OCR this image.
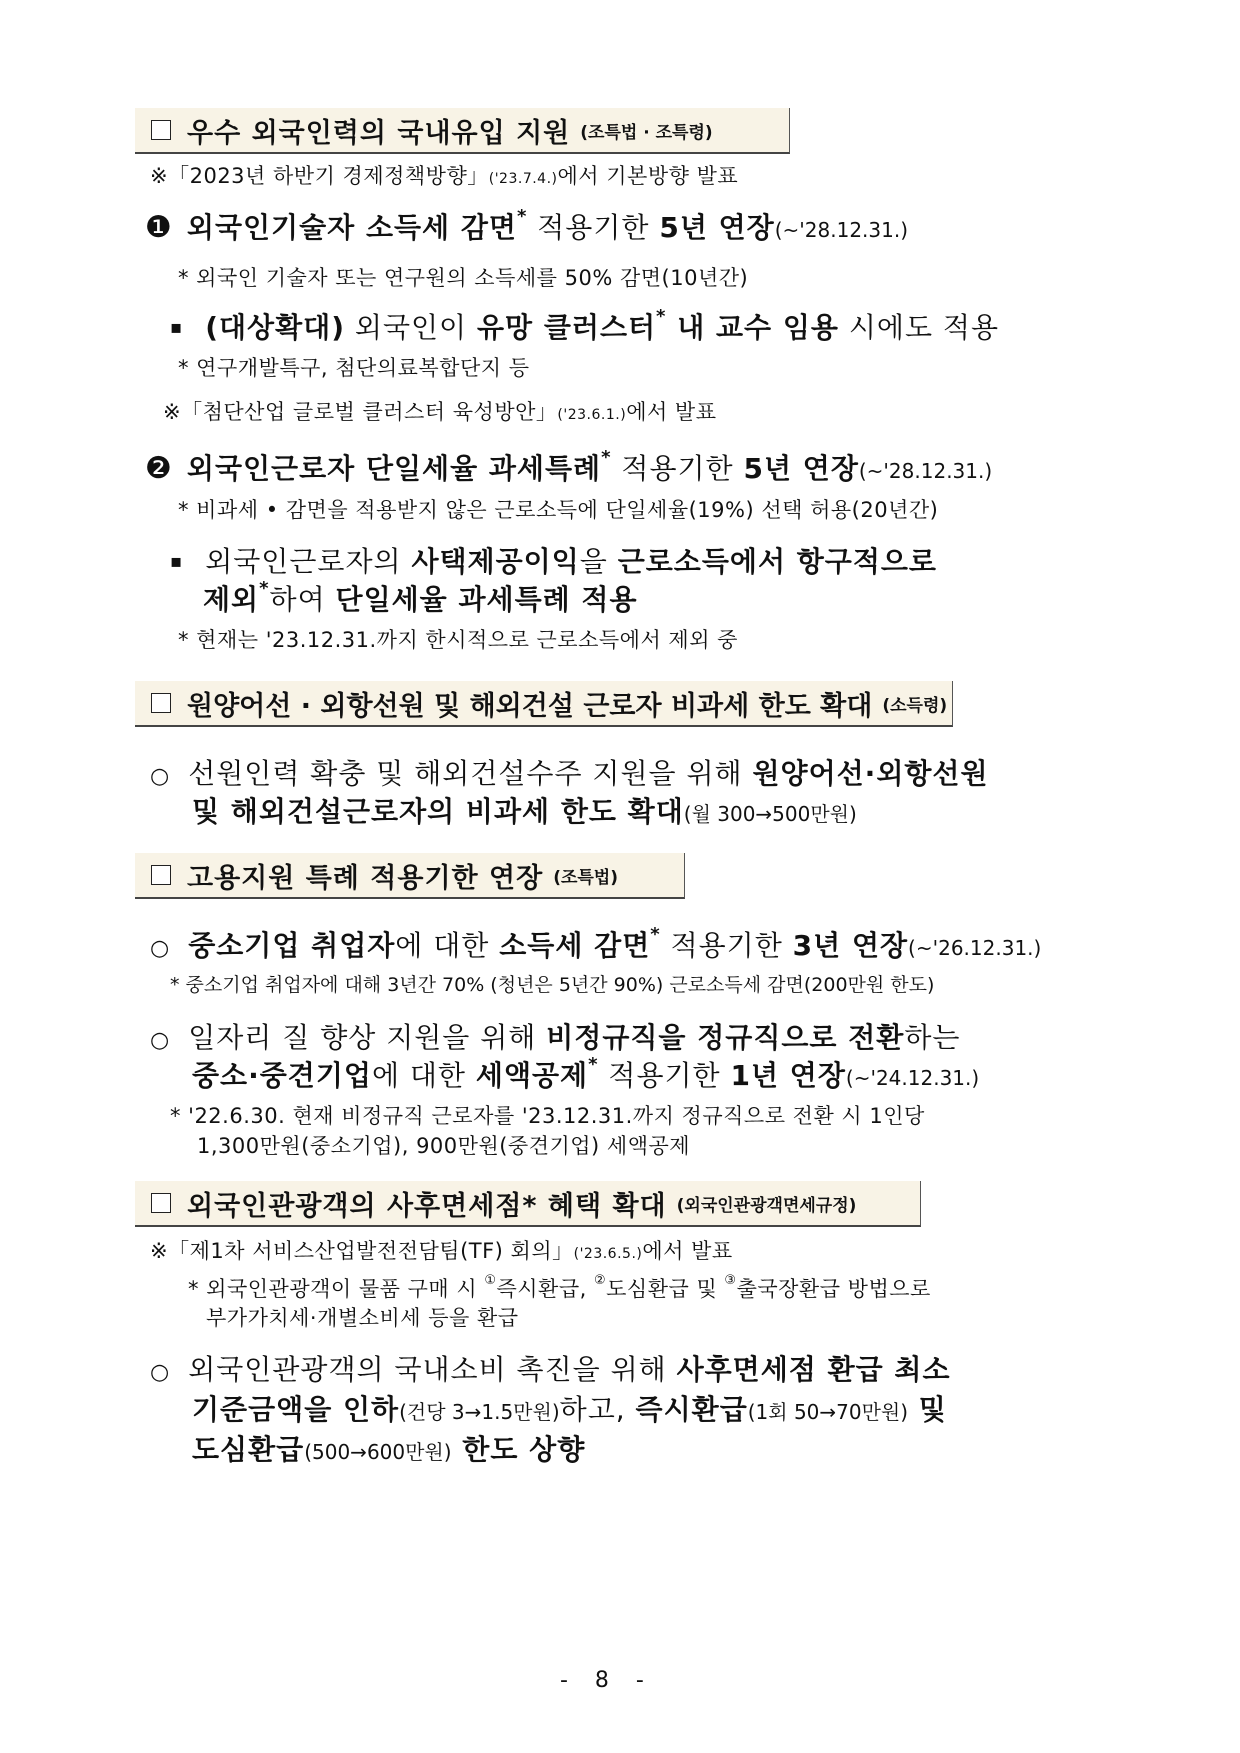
우수 외국인력의 국내유입 지원 (조특법 · 조특령)
※「2023년 하반기 경제정책방향」('23.7.4.)에서 기본방향 발표
❶ 외국인기술자 소득세 감면* 적용기한 5년 연장(~'28.12.31.)
* 외국인 기술자 또는 연구원의 소득세를 50% 감면(10년간)
▪ (대상확대) 외국인이 유망 클러스터* 내 교수 임용 시에도 적용
* 연구개발특구, 첨단의료복합단지 등
※「첨단산업 글로벌 클러스터 육성방안」('23.6.1.)에서 발표
❷ 외국인근로자 단일세율 과세특례* 적용기한 5년 연장(~'28.12.31.)
* 비과세 • 감면을 적용받지 않은 근로소득에 단일세율(19%) 선택 허용(20년간)
▪ 외국인근로자의 사택제공이익을 근로소득에서 항구적으로
제외*하여 단일세율 과세특례 적용
* 현재는 '23.12.31.까지 한시적으로 근로소득에서 제외 중
원양어선 · 외항선원 및 해외건설 근로자 비과세 한도 확대 (소득령)
○ 선원인력 확충 및 해외건설수주 지원을 위해 원양어선·외항선원
및 해외건설근로자의 비과세 한도 확대(월 300→500만원)
고용지원 특례 적용기한 연장 (조특법)
○ 중소기업 취업자에 대한 소득세 감면* 적용기한 3년 연장(~'26.12.31.)
* 중소기업 취업자에 대해 3년간 70% (청년은 5년간 90%) 근로소득세 감면(200만원 한도)
○ 일자리 질 향상 지원을 위해 비정규직을 정규직으로 전환하는
중소·중견기업에 대한 세액공제* 적용기한 1년 연장(~'24.12.31.)
* '22.6.30. 현재 비정규직 근로자를 '23.12.31.까지 정규직으로 전환 시 1인당
1,300만원(중소기업), 900만원(중견기업) 세액공제
외국인관광객의 사후면세점* 혜택 확대 (외국인관광객면세규정)
※「제1차 서비스산업발전전담팀(TF) 회의」('23.6.5.)에서 발표
* 외국인관광객이 물품 구매 시 ①즉시환급, ②도심환급 및 ③출국장환급 방법으로
부가가치세·개별소비세 등을 환급
○ 외국인관광객의 국내소비 촉진을 위해 사후면세점 환급 최소
기준금액을 인하(건당 3→1.5만원)하고, 즉시환급(1회 50→70만원) 및
도심환급(500→600만원) 한도 상향
- 8 -
